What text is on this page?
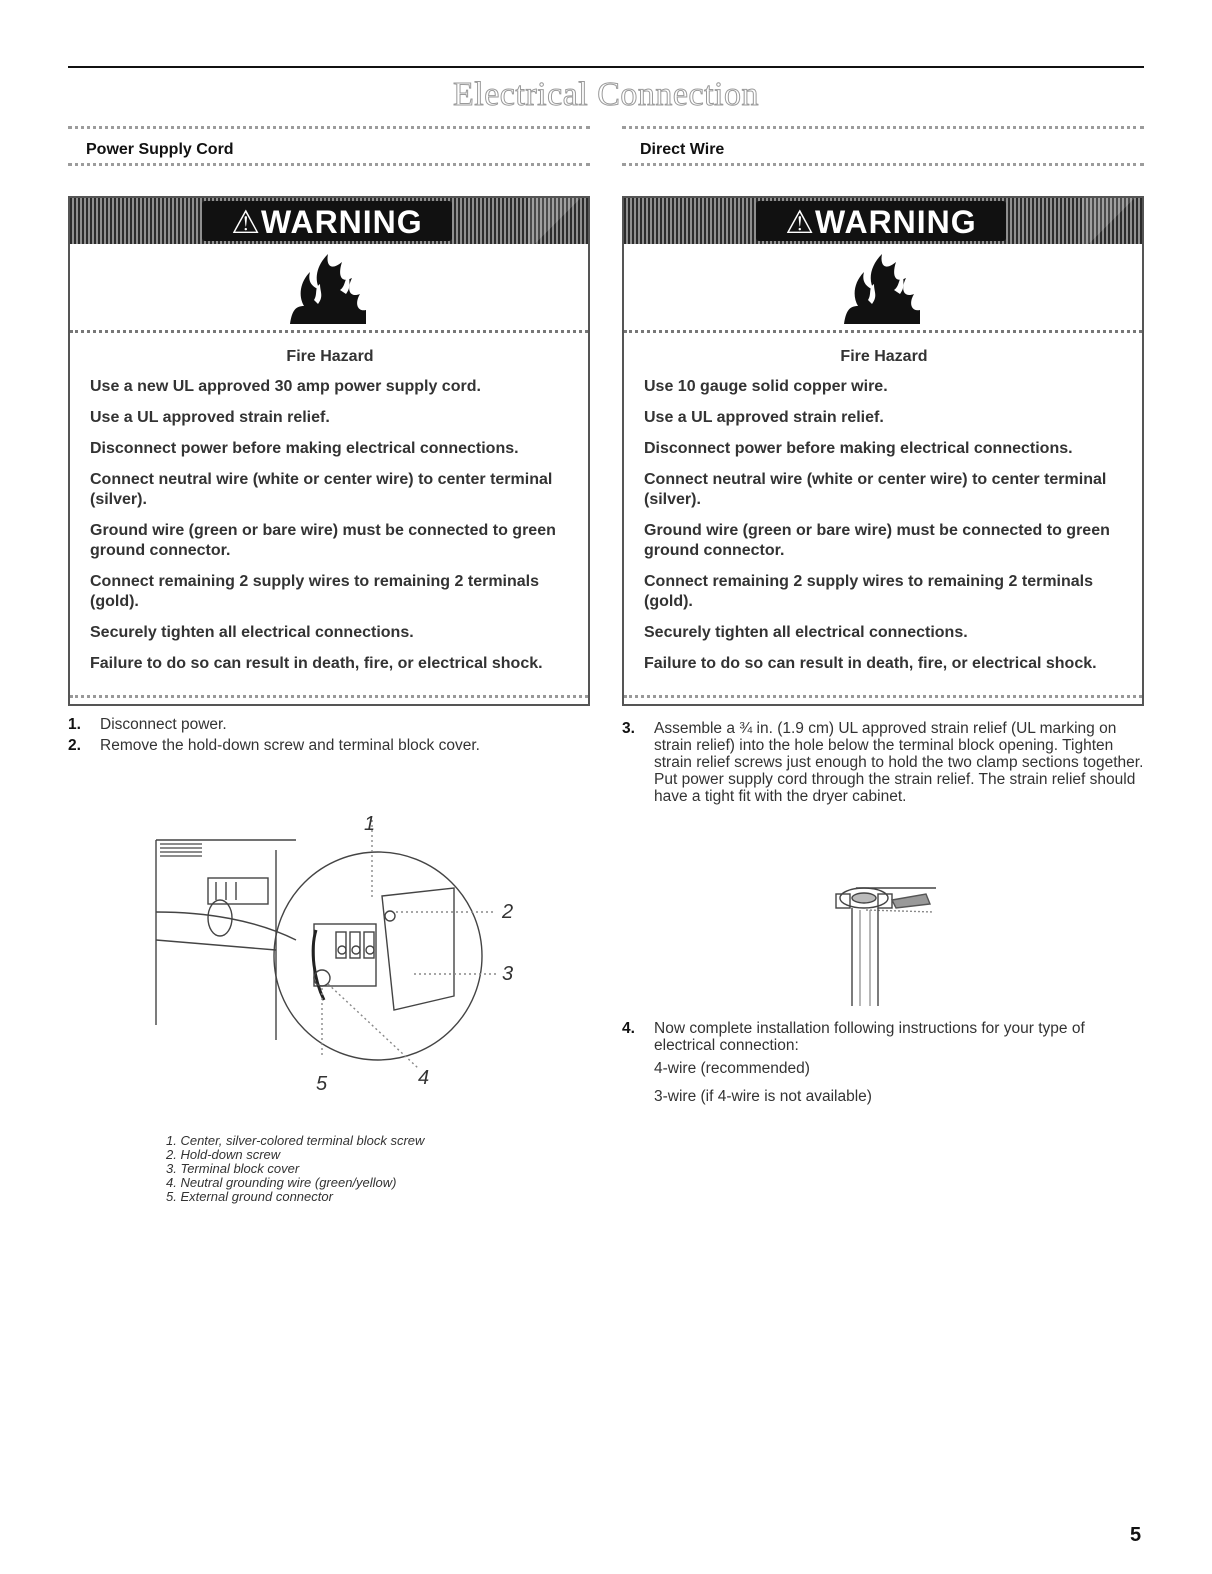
Electrical Connection
Power Supply Cord
⚠WARNING
Fire Hazard

Use a new UL approved 30 amp power supply cord.

Use a UL approved strain relief.

Disconnect power before making electrical connections.

Connect neutral wire (white or center wire) to center terminal (silver).

Ground wire (green or bare wire) must be connected to green ground connector.

Connect remaining 2 supply wires to remaining 2 terminals (gold).

Securely tighten all electrical connections.

Failure to do so can result in death, fire, or electrical shock.

1.	Disconnect power.
2.	Remove the hold-down screw and terminal block cover.
1
2
3
4
5
1. Center, silver-colored terminal block screw
2. Hold-down screw
3. Terminal block cover
4. Neutral grounding wire (green/yellow)
5. External ground connector
Direct Wire
⚠WARNING
Fire Hazard

Use 10 gauge solid copper wire.

Use a UL approved strain relief.

Disconnect power before making electrical connections.

Connect neutral wire (white or center wire) to center terminal (silver).

Ground wire (green or bare wire) must be connected to green ground connector.

Connect remaining 2 supply wires to remaining 2 terminals (gold).

Securely tighten all electrical connections.

Failure to do so can result in death, fire, or electrical shock.

3.	Assemble a ¾ in. (1.9 cm) UL approved strain relief (UL marking on strain relief) into the hole below the terminal block opening. Tighten strain relief screws just enough to hold the two clamp sections together. Put power supply cord through the strain relief. The strain relief should have a tight fit with the dryer cabinet.
4.	Now complete installation following instructions for your type of electrical connection:
4-wire (recommended)
3-wire (if 4-wire is not available)
5
